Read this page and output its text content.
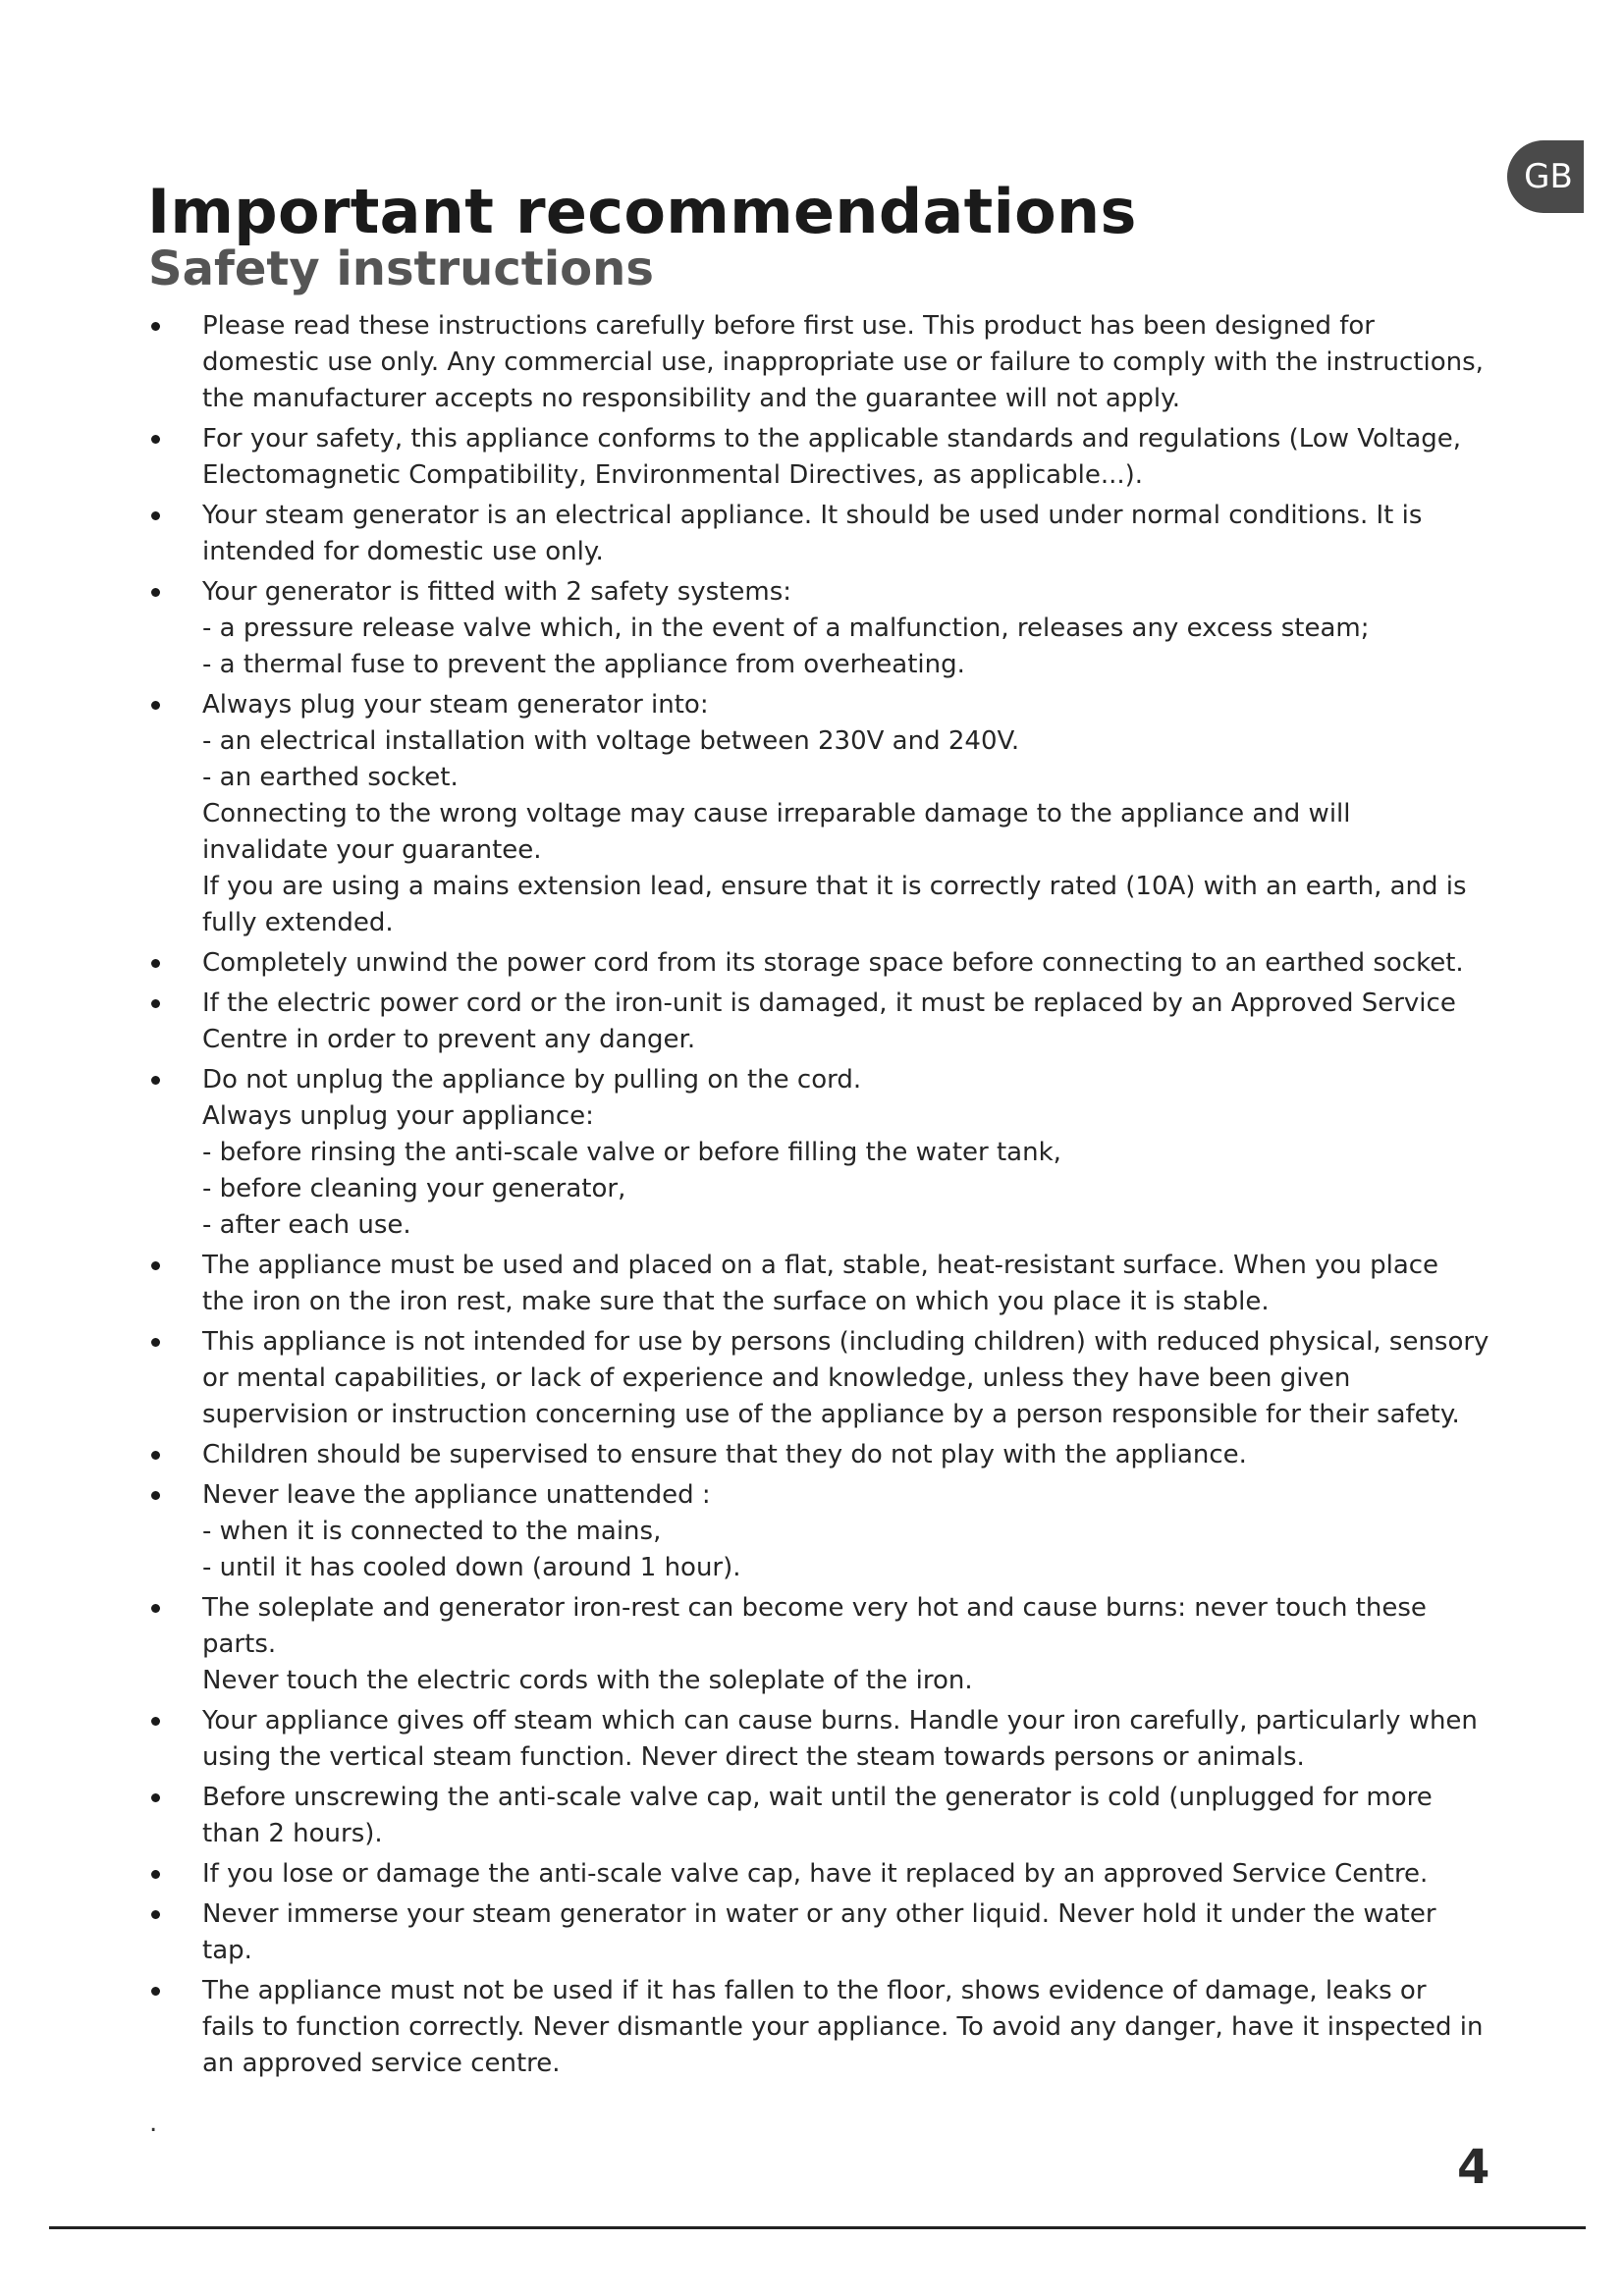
GB
Important recommendations
Safety instructions
Please read these instructions carefully before first use. This product has been designed for
domestic use only. Any commercial use, inappropriate use or failure to comply with the instructions,
the manufacturer accepts no responsibility and the guarantee will not apply.
For your safety, this appliance conforms to the applicable standards and regulations (Low Voltage,
Electomagnetic Compatibility, Environmental Directives, as applicable...).
Your steam generator is an electrical appliance. It should be used under normal conditions. It is
intended for domestic use only.
Your generator is fitted with 2 safety systems:
- a pressure release valve which, in the event of a malfunction, releases any excess steam;
- a thermal fuse to prevent the appliance from overheating.
Always plug your steam generator into:
- an electrical installation with voltage between 230V and 240V.
- an earthed socket.
Connecting to the wrong voltage may cause irreparable damage to the appliance and will
invalidate your guarantee.
If you are using a mains extension lead, ensure that it is correctly rated (10A) with an earth, and is
fully extended.
Completely unwind the power cord from its storage space before connecting to an earthed socket.
If the electric power cord or the iron-unit is damaged, it must be replaced by an Approved Service
Centre in order to prevent any danger.
Do not unplug the appliance by pulling on the cord.
Always unplug your appliance:
- before rinsing the anti-scale valve or before filling the water tank,
- before cleaning your generator,
- after each use.
The appliance must be used and placed on a flat, stable, heat-resistant surface. When you place
the iron on the iron rest, make sure that the surface on which you place it is stable.
This appliance is not intended for use by persons (including children) with reduced physical, sensory
or mental capabilities, or lack of experience and knowledge, unless they have been given
supervision or instruction concerning use of the appliance by a person responsible for their safety.
Children should be supervised to ensure that they do not play with the appliance.
Never leave the appliance unattended :
- when it is connected to the mains,
- until it has cooled down (around 1 hour).
The soleplate and generator iron-rest can become very hot and cause burns: never touch these
parts.
Never touch the electric cords with the soleplate of the iron.
Your appliance gives off steam which can cause burns. Handle your iron carefully, particularly when
using the vertical steam function. Never direct the steam towards persons or animals.
Before unscrewing the anti-scale valve cap, wait until the generator is cold (unplugged for more
than 2 hours).
If you lose or damage the anti-scale valve cap, have it replaced by an approved Service Centre.
Never immerse your steam generator in water or any other liquid. Never hold it under the water
tap.
The appliance must not be used if it has fallen to the floor, shows evidence of damage, leaks or
fails to function correctly. Never dismantle your appliance. To avoid any danger, have it inspected in
an approved service centre.
.
4
